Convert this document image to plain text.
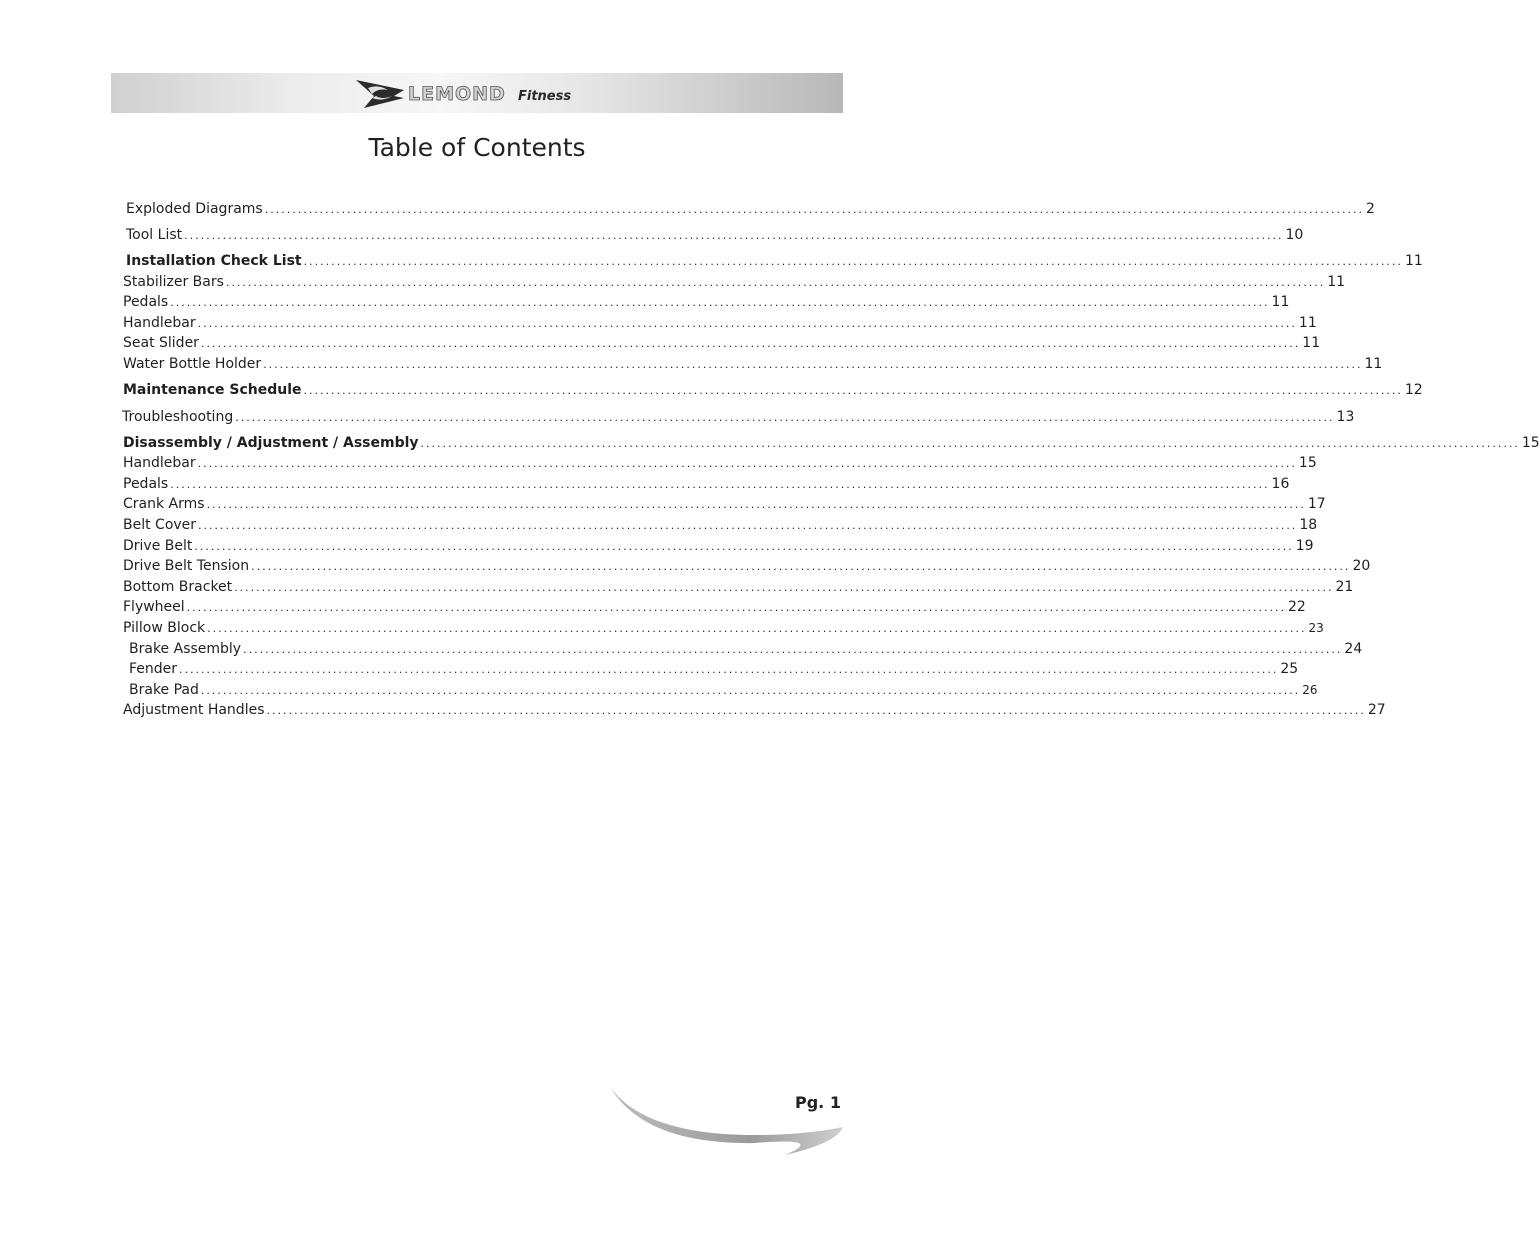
LEMOND Fitness
Table of Contents
Exploded Diagrams ........................................................................................................................................................................................................ 2
Tool List ........................................................................................................................................................................................................ 10
Installation Check List ........................................................................................................................................................................................................ 11
Stabilizer Bars ........................................................................................................................................................................................................ 11
Pedals ........................................................................................................................................................................................................ 11
Handlebar ........................................................................................................................................................................................................ 11
Seat Slider ........................................................................................................................................................................................................ 11
Water Bottle Holder ........................................................................................................................................................................................................ 11
Maintenance Schedule ........................................................................................................................................................................................................ 12
Troubleshooting ........................................................................................................................................................................................................ 13
Disassembly / Adjustment / Assembly ........................................................................................................................................................................................................ 15
Handlebar ........................................................................................................................................................................................................ 15
Pedals ........................................................................................................................................................................................................ 16
Crank Arms ........................................................................................................................................................................................................ 17
Belt Cover ........................................................................................................................................................................................................ 18
Drive Belt ........................................................................................................................................................................................................ 19
Drive Belt Tension ........................................................................................................................................................................................................ 20
Bottom Bracket ........................................................................................................................................................................................................ 21
Flywheel ........................................................................................................................................................................................................ 22
Pillow Block ........................................................................................................................................................................................................ 23
Brake Assembly ........................................................................................................................................................................................................ 24
Fender ........................................................................................................................................................................................................ 25
Brake Pad ........................................................................................................................................................................................................ 26
Adjustment Handles ........................................................................................................................................................................................................ 27
Pg. 1
